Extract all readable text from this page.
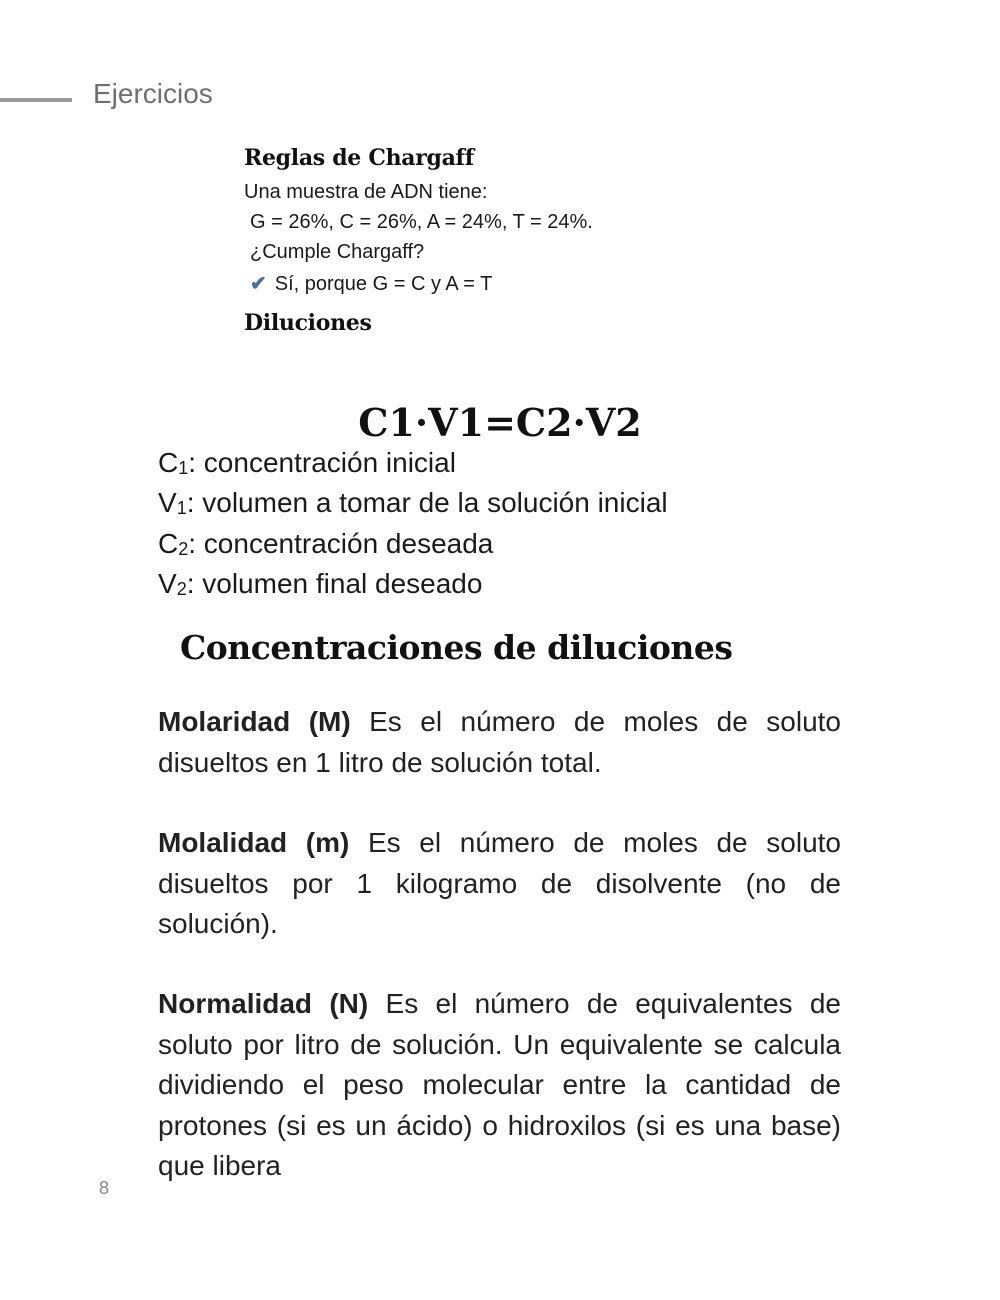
Ejercicios
Reglas de Chargaff
Una muestra de ADN tiene:
G = 26%, C = 26%, A = 24%, T = 24%.
¿Cumple Chargaff?
✔ Sí, porque G = C y A = T
Diluciones
C1·V1=C2·V2
$C_1$: concentración inicial
$V_1$: volumen a tomar de la solución inicial
$C_2$: concentración deseada
$V_2$: volumen final deseado
Concentraciones de diluciones
Molaridad (M) Es el número de moles de soluto disueltos en 1 litro de solución total.
Molalidad (m) Es el número de moles de soluto disueltos por 1 kilogramo de disolvente (no de solución).
Normalidad (N) Es el número de equivalentes de soluto por litro de solución. Un equivalente se calcula dividiendo el peso molecular entre la cantidad de protones (si es un ácido) o hidroxilos (si es una base) que libera
8
